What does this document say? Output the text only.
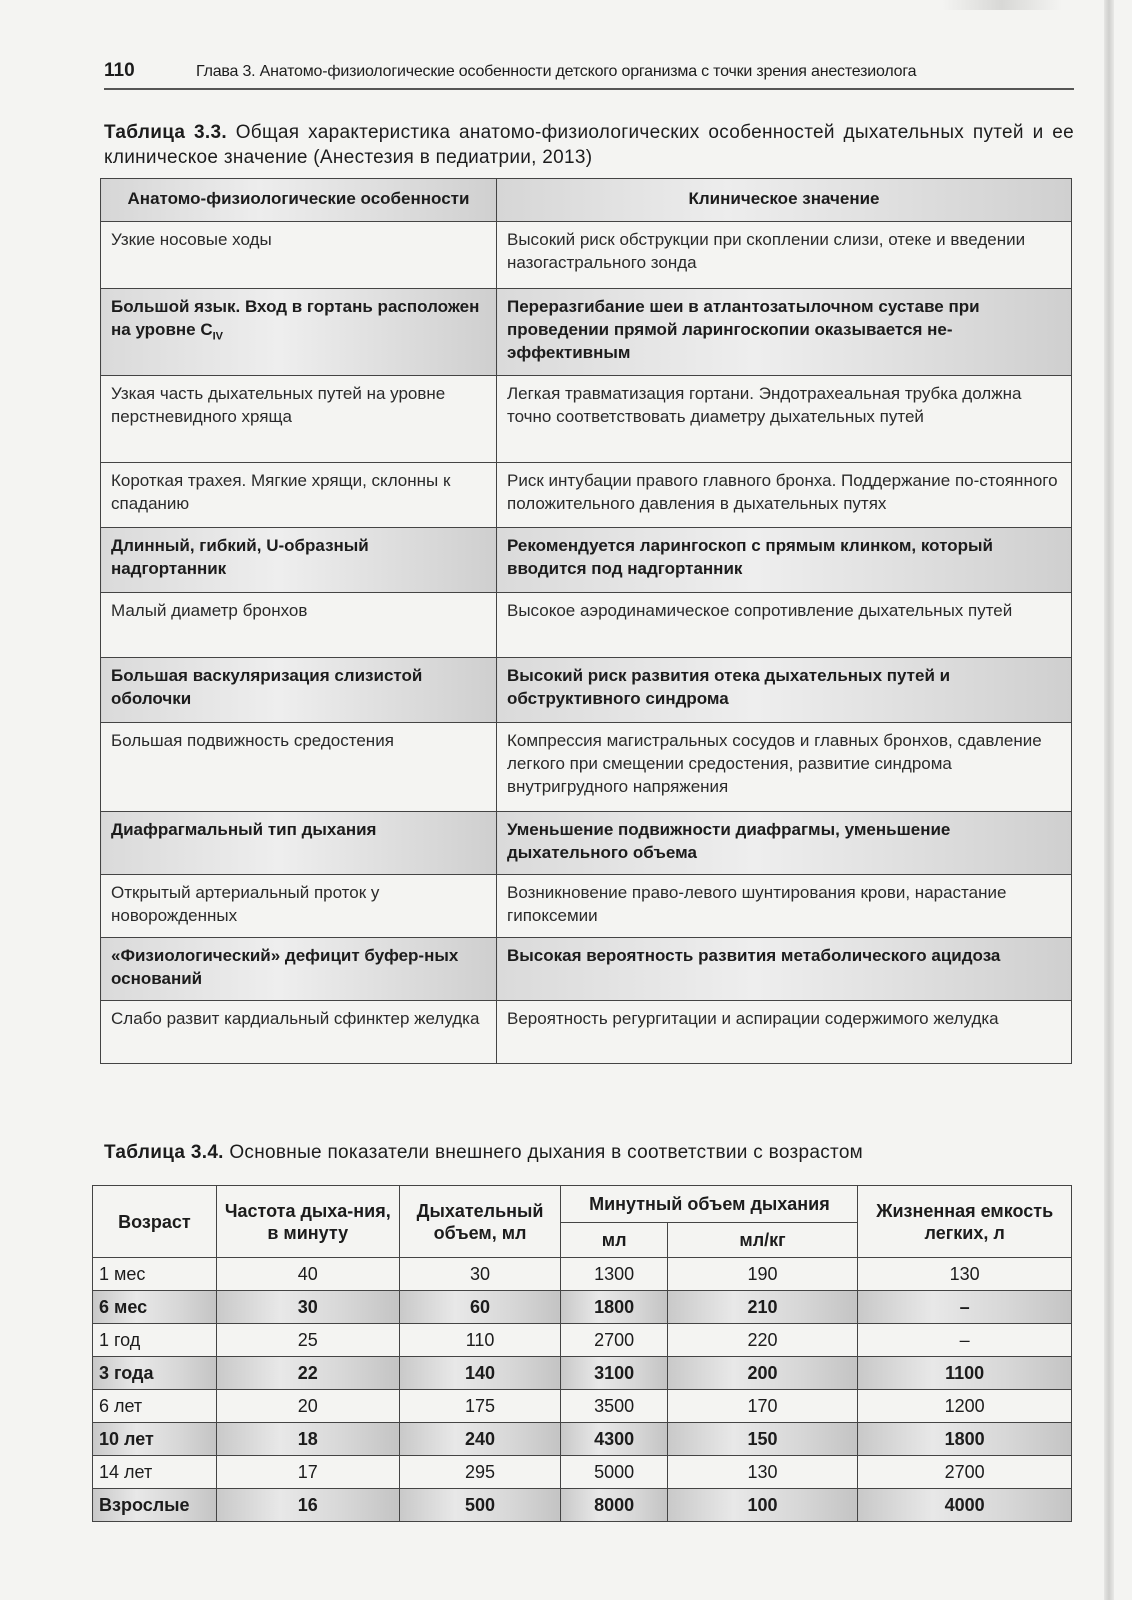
110	Глава 3. Анатомо-физиологические особенности детского организма с точки зрения анестезиолога
Таблица 3.3. Общая характеристика анатомо-физиологических особенностей дыхательных путей и ее клиническое значение (Анестезия в педиатрии, 2013)
Анатомо-физиологические особенности	Клиническое значение
Узкие носовые ходы	Высокий риск обструкции при скоплении слизи, отеке и введении назогастрального зонда
Большой язык. Вход в гортань расположен на уровне $C_{IV}$	Переразгибание шеи в атлантозатылочном суставе при проведении прямой ларингоскопии оказывается не-эффективным
Узкая часть дыхательных путей на уровне перстневидного хряща	Легкая травматизация гортани. Эндотрахеальная трубка должна точно соответствовать диаметру дыхательных путей
Короткая трахея. Мягкие хрящи, склонны к спаданию	Риск интубации правого главного бронха. Поддержание по-стоянного положительного давления в дыхательных путях
Длинный, гибкий, U-образный надгортанник	Рекомендуется ларингоскоп с прямым клинком, который вводится под надгортанник
Малый диаметр бронхов	Высокое аэродинамическое сопротивление дыхательных путей
Большая васкуляризация слизистой оболочки	Высокий риск развития отека дыхательных путей и обструктивного синдрома
Большая подвижность средостения	Компрессия магистральных сосудов и главных бронхов, сдавление легкого при смещении средостения, развитие синдрома внутригрудного напряжения
Диафрагмальный тип дыхания	Уменьшение подвижности диафрагмы, уменьшение дыхательного объема
Открытый артериальный проток у новорожденных	Возникновение право-левого шунтирования крови, нарастание гипоксемии
«Физиологический» дефицит буфер-ных оснований	Высокая вероятность развития метаболического ацидоза
Слабо развит кардиальный сфинктер желудка	Вероятность регургитации и аспирации содержимого желудка
Таблица 3.4. Основные показатели внешнего дыхания в соответствии с возрастом
Возраст	Частота дыха-ния, в минуту	Дыхательный объем, мл	Минутный объем дыхания		Жизненная емкость легких, л
			мл	мл/кг	
1 мес	40	30	1300	190	130
6 мес	30	60	1800	210	–
1 год	25	110	2700	220	–
3 года	22	140	3100	200	1100
6 лет	20	175	3500	170	1200
10 лет	18	240	4300	150	1800
14 лет	17	295	5000	130	2700
Взрослые	16	500	8000	100	4000
